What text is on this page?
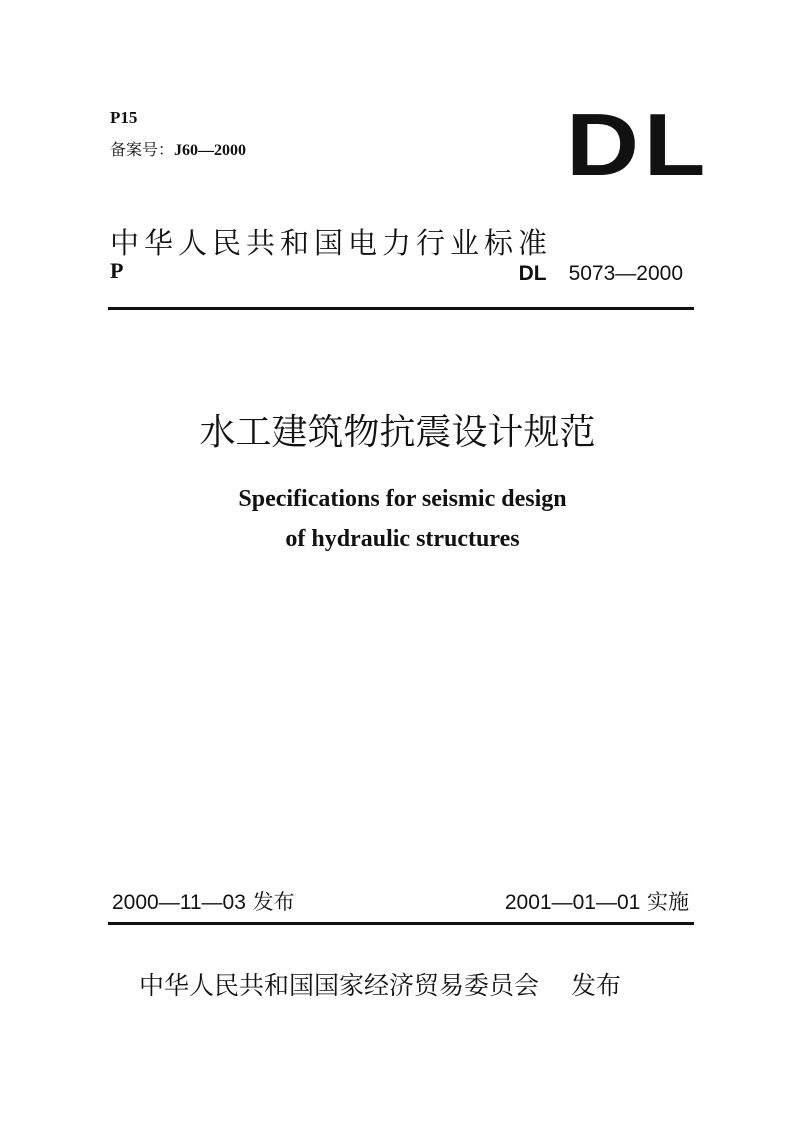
P15
备案号：J60—2000	DL
中华人民共和国电力行业标准
P	DL 5073—2000
水工建筑物抗震设计规范
Specifications for seismic design
of hydraulic structures
2000—11—03 发布	2001—01—01 实施
中华人民共和国国家经济贸易委员会 发布
